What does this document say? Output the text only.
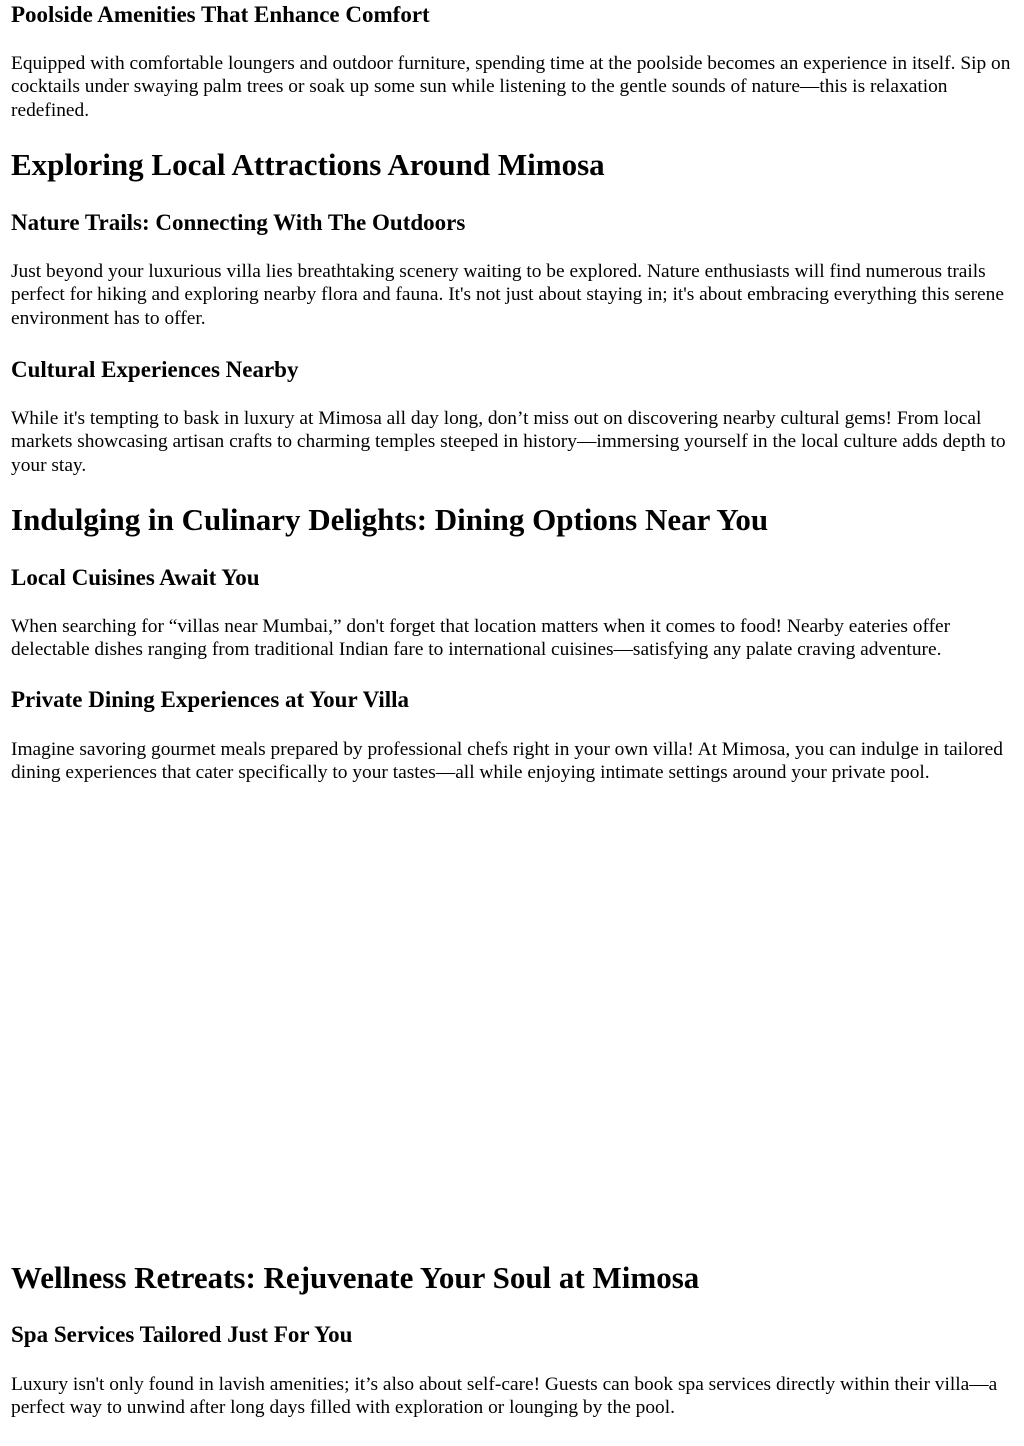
Poolside Amenities That Enhance Comfort

Equipped with comfortable loungers and outdoor furniture, spending time at the poolside becomes an experience in itself. Sip on cocktails under swaying palm trees or soak up some sun while listening to the gentle sounds of nature—this is relaxation redefined.

Exploring Local Attractions Around Mimosa
Nature Trails: Connecting With The Outdoors

Just beyond your luxurious villa lies breathtaking scenery waiting to be explored. Nature enthusiasts will find numerous trails perfect for hiking and exploring nearby flora and fauna. It's not just about staying in; it's about embracing everything this serene environment has to offer.

Cultural Experiences Nearby

While it's tempting to bask in luxury at Mimosa all day long, don’t miss out on discovering nearby cultural gems! From local markets showcasing artisan crafts to charming temples steeped in history—immersing yourself in the local culture adds depth to your stay.

Indulging in Culinary Delights: Dining Options Near You
Local Cuisines Await You

When searching for “villas near Mumbai,” don't forget that location matters when it comes to food! Nearby eateries offer delectable dishes ranging from traditional Indian fare to international cuisines—satisfying any palate craving adventure.

Private Dining Experiences at Your Villa

Imagine savoring gourmet meals prepared by professional chefs right in your own villa! At Mimosa, you can indulge in tailored dining experiences that cater specifically to your tastes—all while enjoying intimate settings around your private pool.

Wellness Retreats: Rejuvenate Your Soul at Mimosa
Spa Services Tailored Just For You

Luxury isn't only found in lavish amenities; it’s also about self-care! Guests can book spa services directly within their villa—a perfect way to unwind after long days filled with exploration or lounging by the pool.
